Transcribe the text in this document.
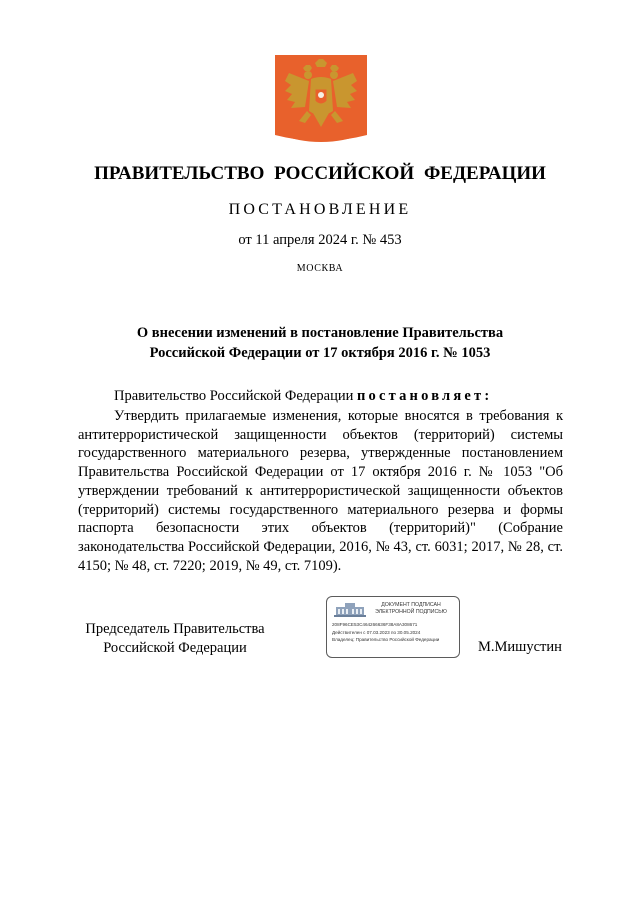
ПРАВИТЕЛЬСТВО РОССИЙСКОЙ ФЕДЕРАЦИИ
ПОСТАНОВЛЕНИЕ
от 11 апреля 2024 г. № 453
МОСКВА
О внесении изменений в постановление Правительства
Российской Федерации от 17 октября 2016 г. № 1053
Правительство Российской Федерации постановляет:
Утвердить прилагаемые изменения, которые вносятся в требования к антитеррористической защищенности объектов (территорий) системы государственного материального резерва, утвержденные постановлением Правительства Российской Федерации от 17 октября 2016 г. № 1053 "Об утверждении требований к антитеррористической защищенности объектов (территорий) системы государственного материального резерва и формы паспорта безопасности этих объектов (территорий)" (Собрание законодательства Российской Федерации, 2016, № 43, ст. 6031; 2017, № 28, ст. 4150; № 48, ст. 7220; 2019, № 49, ст. 7109).
Председатель Правительства
Российской Федерации
ДОКУМЕНТ ПОДПИСАН
ЭЛЕКТРОННОЙ ПОДПИСЬЮ
208F96CE53C464266636F38A8A308671
Действителен с 07.03.2023 по 30.05.2024
Владелец: Правительство Российской Федерации	М.Мишустин
